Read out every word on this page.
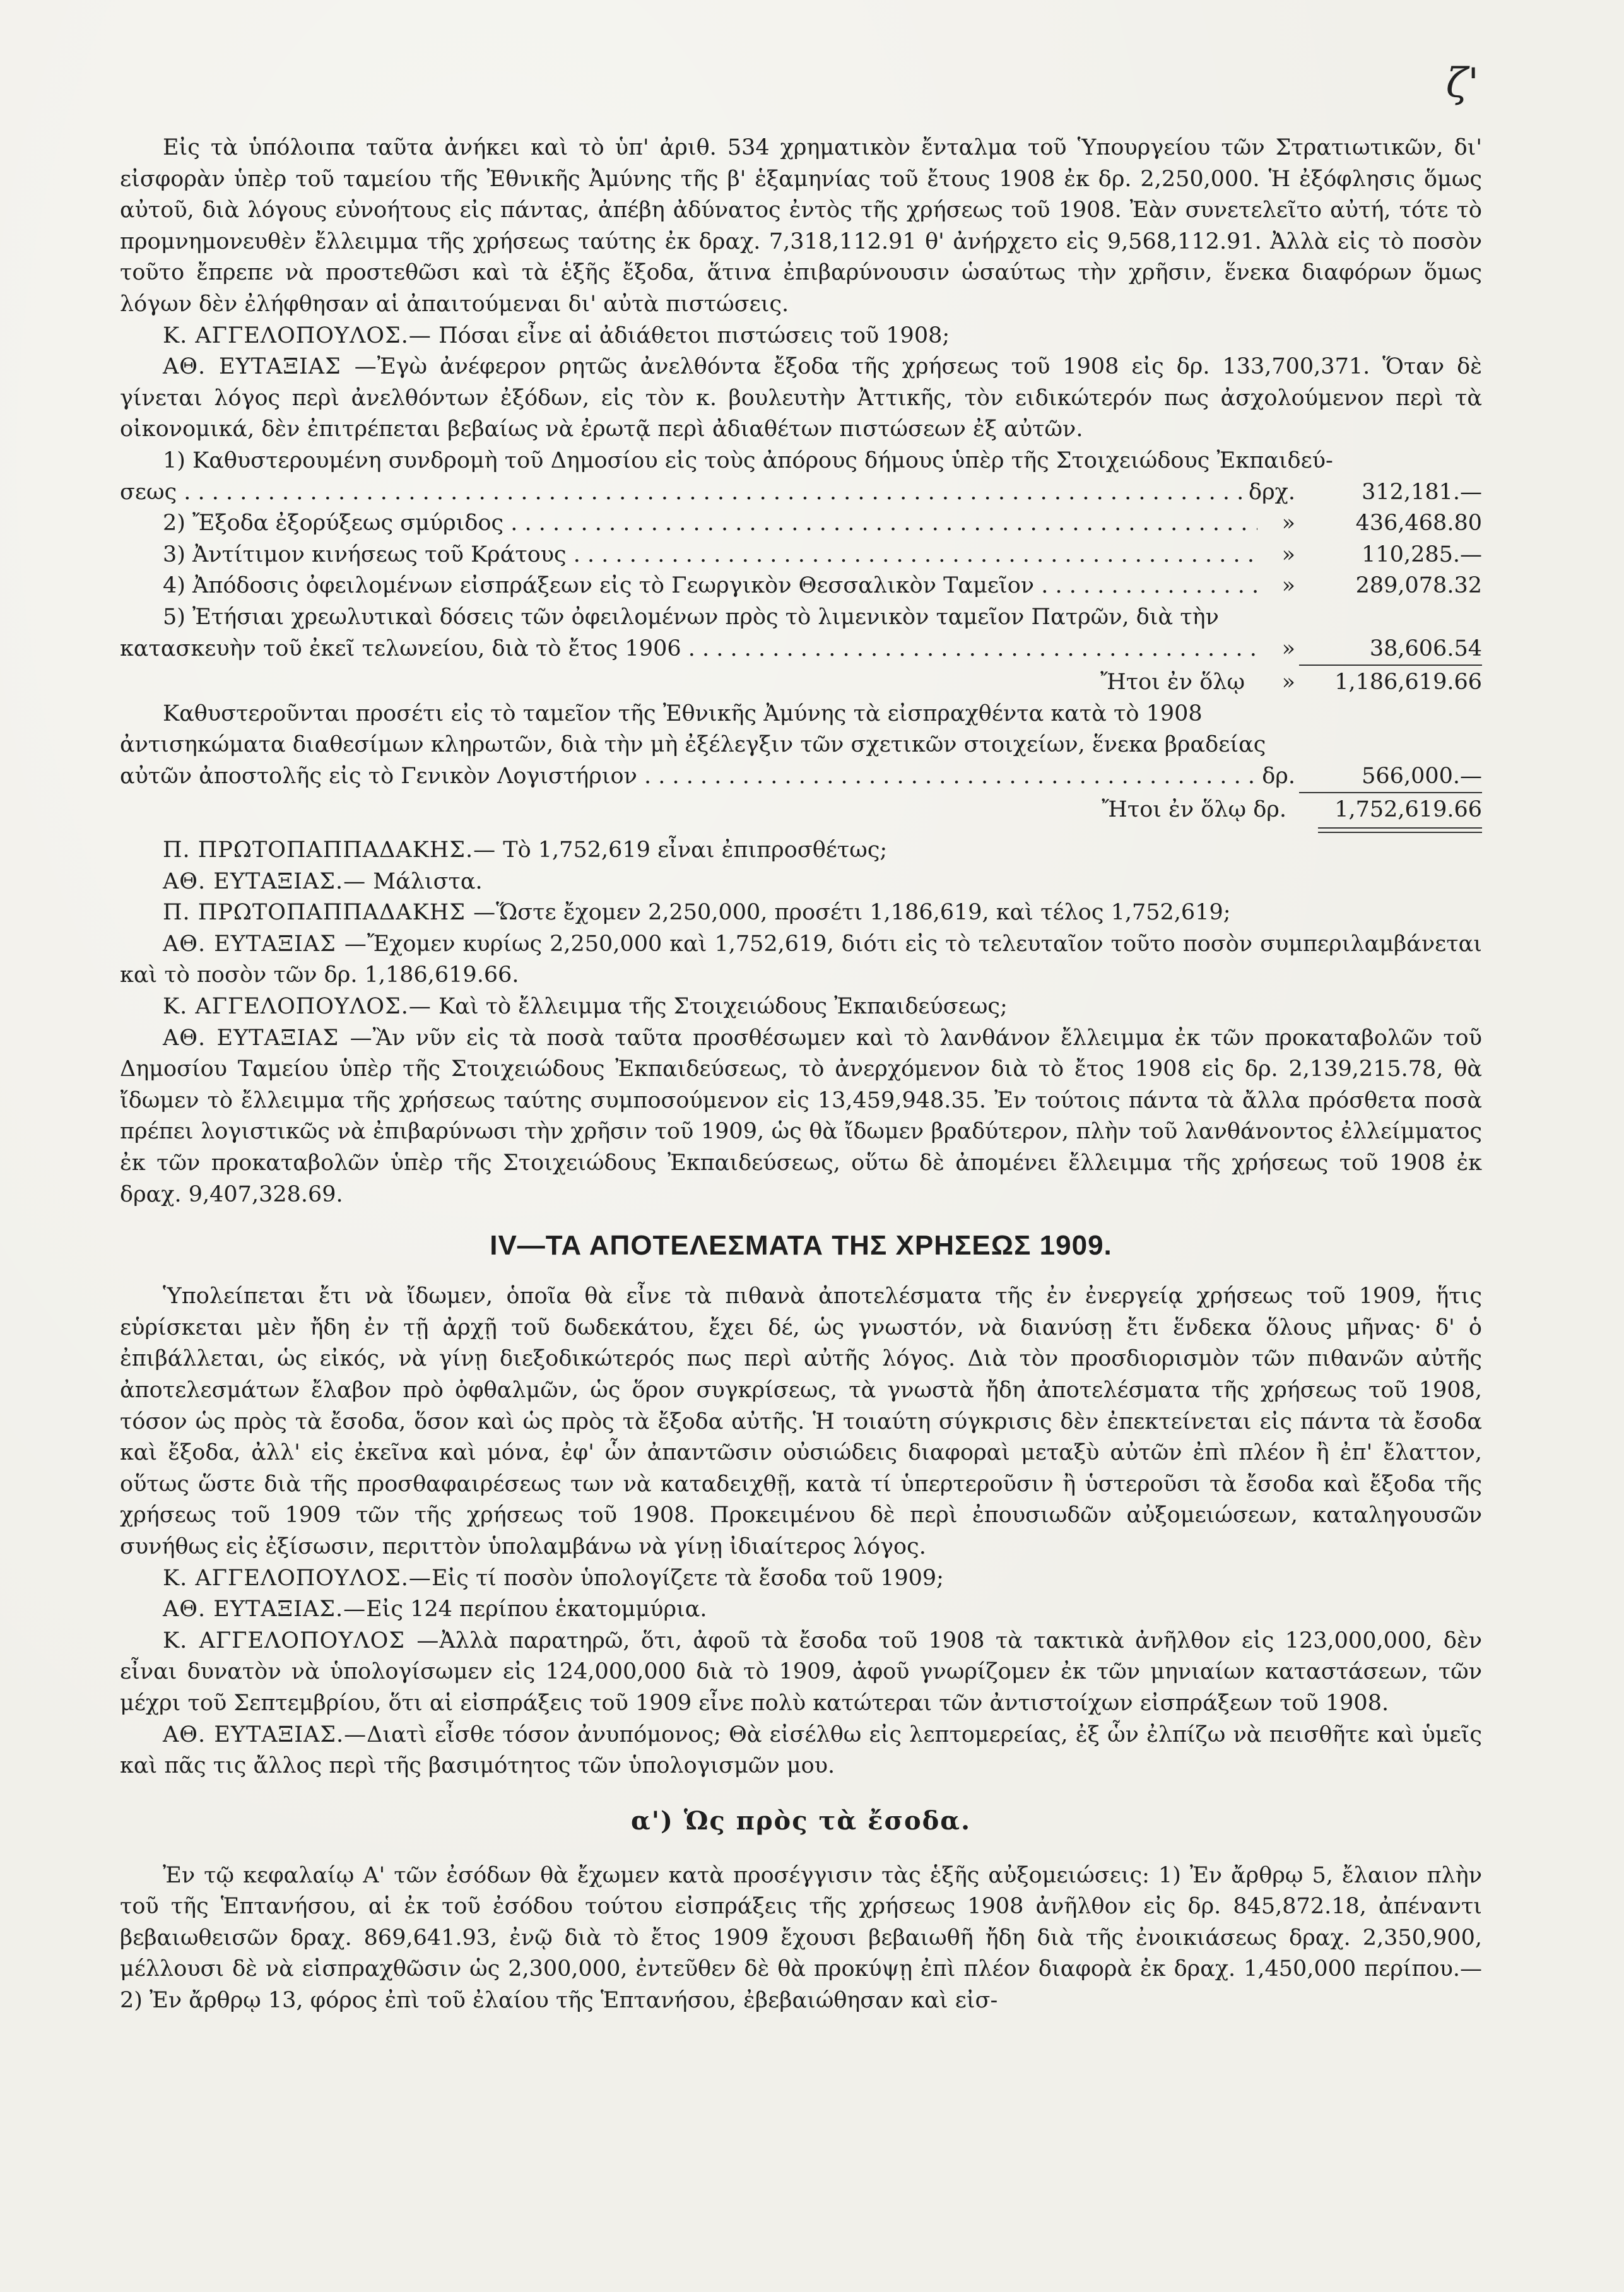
ζ'

Εἰς τὰ ὑπόλοιπα ταῦτα ἀνήκει καὶ τὸ ὑπ' ἀριθ. 534 χρηματικὸν ἔνταλμα τοῦ Ὑπουργείου τῶν Στρατιωτικῶν, δι' εἰσφορὰν ὑπὲρ τοῦ ταμείου τῆς Ἐθνικῆς Ἀμύνης τῆς β' ἑξαμηνίας τοῦ ἔτους 1908 ἐκ δρ. 2,250,000. Ἡ ἐξόφλησις ὅμως αὐτοῦ, διὰ λόγους εὐνοήτους εἰς πάντας, ἀπέβη ἀδύνατος ἐντὸς τῆς χρήσεως τοῦ 1908. Ἐὰν συνετελεῖτο αὐτή, τότε τὸ προμνημονευθὲν ἔλλειμμα τῆς χρήσεως ταύτης ἐκ δραχ. 7,318,112.91 θ' ἀνήρχετο εἰς 9,568,112.91. Ἀλλὰ εἰς τὸ ποσὸν τοῦτο ἔπρεπε νὰ προστεθῶσι καὶ τὰ ἑξῆς ἔξοδα, ἅτινα ἐπιβαρύνουσιν ὡσαύτως τὴν χρῆσιν, ἕνεκα διαφόρων ὅμως λόγων δὲν ἐλήφθησαν αἱ ἀπαιτούμεναι δι' αὐτὰ πιστώσεις.

Κ. ΑΓΓΕΛΟΠΟΥΛΟΣ.— Πόσαι εἶνε αἱ ἀδιάθετοι πιστώσεις τοῦ 1908;

ΑΘ. ΕΥΤΑΞΙΑΣ —Ἐγὼ ἀνέφερον ρητῶς ἀνελθόντα ἔξοδα τῆς χρήσεως τοῦ 1908 εἰς δρ. 133,700,371. Ὅταν δὲ γίνεται λόγος περὶ ἀνελθόντων ἐξόδων, εἰς τὸν κ. βουλευτὴν Ἀττικῆς, τὸν ειδικώτερόν πως ἀσχολούμενον περὶ τὰ οἰκονομικά, δὲν ἐπιτρέπεται βεβαίως νὰ ἐρωτᾷ περὶ ἀδιαθέτων πιστώσεων ἐξ αὐτῶν.

1) Καθυστερουμένη συνδρομὴ τοῦ Δημοσίου εἰς τοὺς ἀπόρους δήμους ὑπὲρ τῆς Στοιχειώδους Ἐκπαιδεύ-
σεως . . .	δρχ.	312,181.—
2) Ἔξοδα ἐξορύξεως σμύριδος . . .	»	436,468.80
3) Ἀντίτιμον κινήσεως τοῦ Κράτους . . .	»	110,285.—
4) Ἀπόδοσις ὀφειλομένων εἰσπράξεων εἰς τὸ Γεωργικὸν Θεσσαλικὸν Ταμεῖον . . .	»	289,078.32
5) Ἐτήσιαι χρεωλυτικαὶ δόσεις τῶν ὀφειλομένων πρὸς τὸ λιμενικὸν ταμεῖον Πατρῶν, διὰ τὴν
κατασκευὴν τοῦ ἐκεῖ τελωνείου, διὰ τὸ ἔτος 1906 . . .	»	38,606.54
Ἤτοι ἐν ὅλῳ	»	1,186,619.66
Καθυστεροῦνται προσέτι εἰς τὸ ταμεῖον τῆς Ἐθνικῆς Ἀμύνης τὰ εἰσπραχθέντα κατὰ τὸ 1908
ἀντισηκώματα διαθεσίμων κληρωτῶν, διὰ τὴν μὴ ἐξέλεγξιν τῶν σχετικῶν στοιχείων, ἕνεκα βραδείας
αὐτῶν ἀποστολῆς εἰς τὸ Γενικὸν Λογιστήριον . . .	δρ.	566,000.—
Ἤτοι ἐν ὅλῳ δρ.	1,752,619.66

Π. ΠΡΩΤΟΠΑΠΠΑΔΑΚΗΣ.— Τὸ 1,752,619 εἶναι ἐπιπροσθέτως;

ΑΘ. ΕΥΤΑΞΙΑΣ.— Μάλιστα.

Π. ΠΡΩΤΟΠΑΠΠΑΔΑΚΗΣ —Ὥστε ἔχομεν 2,250,000, προσέτι 1,186,619, καὶ τέλος 1,752,619;

ΑΘ. ΕΥΤΑΞΙΑΣ —Ἔχομεν κυρίως 2,250,000 καὶ 1,752,619, διότι εἰς τὸ τελευταῖον τοῦτο ποσὸν συμπεριλαμβάνεται καὶ τὸ ποσὸν τῶν δρ. 1,186,619.66.

Κ. ΑΓΓΕΛΟΠΟΥΛΟΣ.— Καὶ τὸ ἔλλειμμα τῆς Στοιχειώδους Ἐκπαιδεύσεως;

ΑΘ. ΕΥΤΑΞΙΑΣ —Ἂν νῦν εἰς τὰ ποσὰ ταῦτα προσθέσωμεν καὶ τὸ λανθάνον ἔλλειμμα ἐκ τῶν προκαταβολῶν τοῦ Δημοσίου Ταμείου ὑπὲρ τῆς Στοιχειώδους Ἐκπαιδεύσεως, τὸ ἀνερχόμενον διὰ τὸ ἔτος 1908 εἰς δρ. 2,139,215.78, θὰ ἴδωμεν τὸ ἔλλειμμα τῆς χρήσεως ταύτης συμποσούμενον εἰς 13,459,948.35. Ἐν τούτοις πάντα τὰ ἄλλα πρόσθετα ποσὰ πρέπει λογιστικῶς νὰ ἐπιβαρύνωσι τὴν χρῆσιν τοῦ 1909, ὡς θὰ ἴδωμεν βραδύτερον, πλὴν τοῦ λανθάνοντος ἐλλείμματος ἐκ τῶν προκαταβολῶν ὑπὲρ τῆς Στοιχειώδους Ἐκπαιδεύσεως, οὕτω δὲ ἀπομένει ἔλλειμμα τῆς χρήσεως τοῦ 1908 ἐκ δραχ. 9,407,328.69.

IV—ΤΑ ΑΠΟΤΕΛΕΣΜΑΤΑ ΤΗΣ ΧΡΗΣΕΩΣ 1909.

Ὑπολείπεται ἔτι νὰ ἴδωμεν, ὁποῖα θὰ εἶνε τὰ πιθανὰ ἀποτελέσματα τῆς ἐν ἐνεργείᾳ χρήσεως τοῦ 1909, ἥτις εὑρίσκεται μὲν ἤδη ἐν τῇ ἀρχῇ τοῦ δωδεκάτου, ἔχει δέ, ὡς γνωστόν, νὰ διανύσῃ ἔτι ἕνδεκα ὅλους μῆνας· δ' ὁ ἐπιβάλλεται, ὡς εἰκός, νὰ γίνῃ διεξοδικώτερός πως περὶ αὐτῆς λόγος. Διὰ τὸν προσδιορισμὸν τῶν πιθανῶν αὐτῆς ἀποτελεσμάτων ἔλαβον πρὸ ὀφθαλμῶν, ὡς ὅρον συγκρίσεως, τὰ γνωστὰ ἤδη ἀποτελέσματα τῆς χρήσεως τοῦ 1908, τόσον ὡς πρὸς τὰ ἔσοδα, ὅσον καὶ ὡς πρὸς τὰ ἔξοδα αὐτῆς. Ἡ τοιαύτη σύγκρισις δὲν ἐπεκτείνεται εἰς πάντα τὰ ἔσοδα καὶ ἔξοδα, ἀλλ' εἰς ἐκεῖνα καὶ μόνα, ἐφ' ὧν ἀπαντῶσιν οὐσιώδεις διαφοραὶ μεταξὺ αὐτῶν ἐπὶ πλέον ἢ ἐπ' ἔλαττον, οὕτως ὥστε διὰ τῆς προσθαφαιρέσεως των νὰ καταδειχθῇ, κατὰ τί ὑπερτεροῦσιν ἢ ὑστεροῦσι τὰ ἔσοδα καὶ ἔξοδα τῆς χρήσεως τοῦ 1909 τῶν τῆς χρήσεως τοῦ 1908. Προκειμένου δὲ περὶ ἐπουσιωδῶν αὐξομειώσεων, καταληγουσῶν συνήθως εἰς ἐξίσωσιν, περιττὸν ὑπολαμβάνω νὰ γίνῃ ἰδιαίτερος λόγος.

Κ. ΑΓΓΕΛΟΠΟΥΛΟΣ.—Εἰς τί ποσὸν ὑπολογίζετε τὰ ἔσοδα τοῦ 1909;

ΑΘ. ΕΥΤΑΞΙΑΣ.—Εἰς 124 περίπου ἑκατομμύρια.

Κ. ΑΓΓΕΛΟΠΟΥΛΟΣ —Ἀλλὰ παρατηρῶ, ὅτι, ἀφοῦ τὰ ἔσοδα τοῦ 1908 τὰ τακτικὰ ἀνῆλθον εἰς 123,000,000, δὲν εἶναι δυνατὸν νὰ ὑπολογίσωμεν εἰς 124,000,000 διὰ τὸ 1909, ἀφοῦ γνωρίζομεν ἐκ τῶν μηνιαίων καταστάσεων, τῶν μέχρι τοῦ Σεπτεμβρίου, ὅτι αἱ εἰσπράξεις τοῦ 1909 εἶνε πολὺ κατώτεραι τῶν ἀντιστοίχων εἰσπράξεων τοῦ 1908.

ΑΘ. ΕΥΤΑΞΙΑΣ.—Διατὶ εἶσθε τόσον ἀνυπόμονος; Θὰ εἰσέλθω εἰς λεπτομερείας, ἐξ ὧν ἐλπίζω νὰ πεισθῆτε καὶ ὑμεῖς καὶ πᾶς τις ἄλλος περὶ τῆς βασιμότητος τῶν ὑπολογισμῶν μου.

α') Ὡς πρὸς τὰ ἔσοδα.

Ἐν τῷ κεφαλαίῳ Α' τῶν ἐσόδων θὰ ἔχωμεν κατὰ προσέγγισιν τὰς ἑξῆς αὐξομειώσεις: 1) Ἐν ἄρθρῳ 5, ἔλαιον πλὴν τοῦ τῆς Ἑπτανήσου, αἱ ἐκ τοῦ ἐσόδου τούτου εἰσπράξεις τῆς χρήσεως 1908 ἀνῆλθον εἰς δρ. 845,872.18, ἀπέναντι βεβαιωθεισῶν δραχ. 869,641.93, ἐνῷ διὰ τὸ ἔτος 1909 ἔχουσι βεβαιωθῆ ἤδη διὰ τῆς ἐνοικιάσεως δραχ. 2,350,900, μέλλουσι δὲ νὰ εἰσπραχθῶσιν ὡς 2,300,000, ἐντεῦθεν δὲ θὰ προκύψῃ ἐπὶ πλέον διαφορὰ ἐκ δραχ. 1,450,000 περίπου.—2) Ἐν ἄρθρῳ 13, φόρος ἐπὶ τοῦ ἐλαίου τῆς Ἑπτανήσου, ἐβεβαιώθησαν καὶ εἰσ-
